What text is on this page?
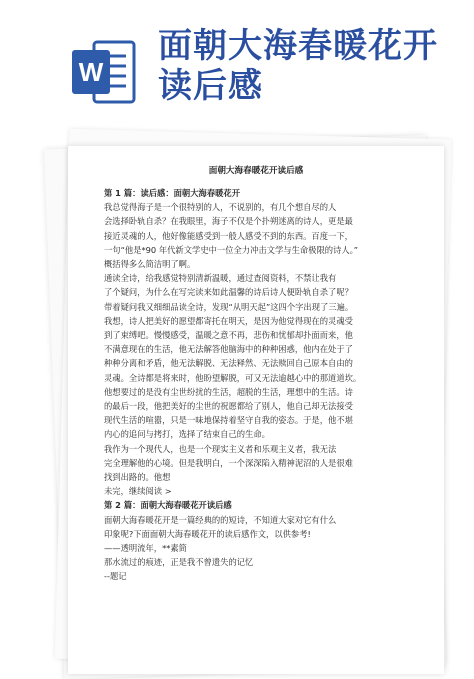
W
面朝大海春暖花开
读后感
面朝大海春暖花开读后感
第 1 篇：读后感：面朝大海春暖花开
我总觉得海子是一个很特别的人，不说别的，有几个想自尽的人
会选择卧轨自杀？在我眼里，海子不仅是个扑朔迷离的诗人，更是最
接近灵魂的人，他好像能感受到一般人感受不到的东西。百度一下，
一句“他是*90 年代新文学史中一位全力冲击文学与生命极限的诗人。”
概括得多么简洁明了啊。
通读全诗，给我感觉特别清新温暖，通过查阅资料，不禁让我有
了个疑问，为什么在写完读来如此温馨的诗后诗人便卧轨自杀了呢？
带着疑问我又细细品读全诗，发现“从明天起”这四个字出现了三遍。
我想，诗人把美好的愿望都寄托在明天，是因为他觉得现在的灵魂受
到了束缚吧。慢慢感受，温暖之意不再，悲伤和忧郁却扑面而来，他
不满意现在的生活，他无法解答他脑海中的种种困惑，他内在处于了
种种分离和矛盾，他无法解脱、无法释然、无法赎回自己原本自由的
灵魂。全诗都是将来时，他盼望解脱，可又无法逾越心中的那道道坎。
他想要过的是没有尘世纷扰的生活，超脱的生活，理想中的生活。诗
的最后一段，他把美好的尘世的祝愿都给了别人，他自己却无法接受
现代生活的喧嚣，只是一味地保持着坚守自我的姿态。于是，他不堪
内心的追问与拷打，选择了结束自己的生命。
我作为一个现代人，也是一个现实主义者和乐观主义者，我无法
完全理解他的心境。但是我明白，一个深深陷入精神泥沼的人是很难
找到出路的。他想
未完，继续阅读 >
第 2 篇：面朝大海春暖花开读后感
面朝大海春暖花开是一篇经典的的短诗，不知道大家对它有什么
印象呢?下面面朝大海春暖花开的读后感作文，以供参考!
——透明流年，**素简
那水流过的痕迹，正是我不曾遗失的记忆
--题记
